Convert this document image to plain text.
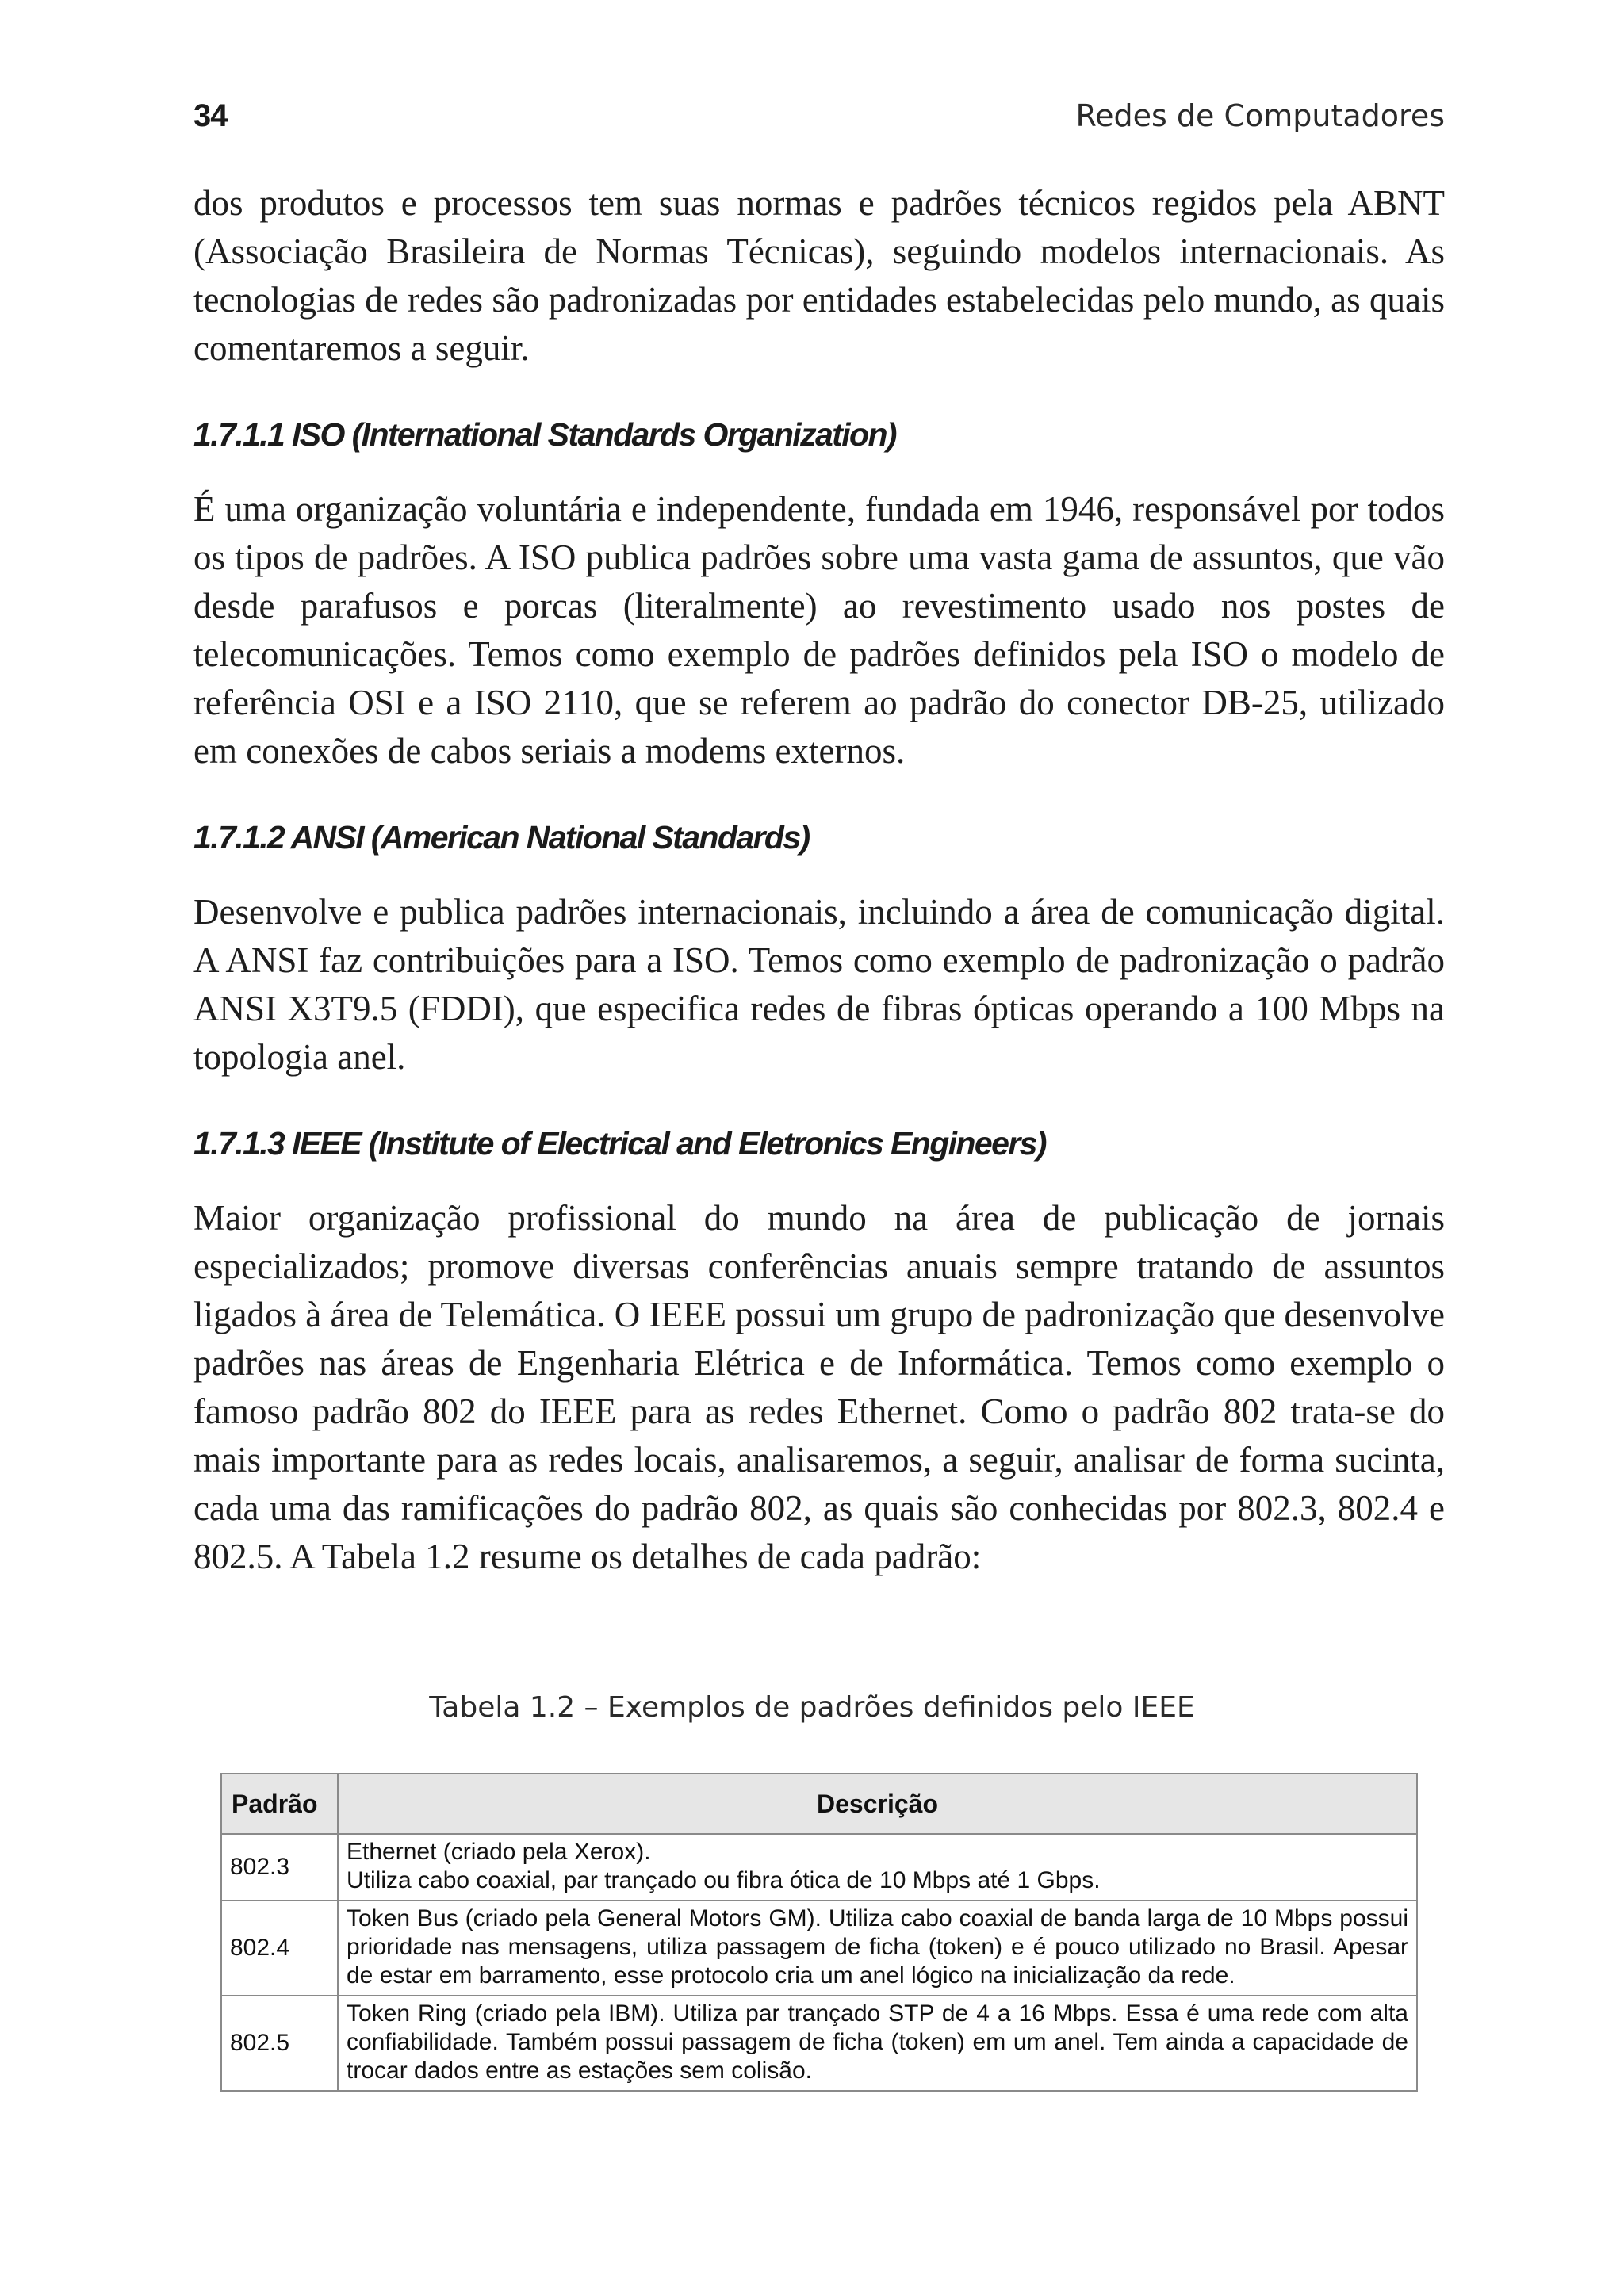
34	Redes de Computadores

dos produtos e processos tem suas normas e padrões técnicos regidos pela ABNT (Associação Brasileira de Normas Técnicas), seguindo modelos internacionais. As tecnologias de redes são padronizadas por entidades estabelecidas pelo mundo, as quais comentaremos a seguir.

1.7.1.1 ISO (International Standards Organization)

É uma organização voluntária e independente, fundada em 1946, responsável por todos os tipos de padrões. A ISO publica padrões sobre uma vasta gama de assuntos, que vão desde parafusos e porcas (literalmente) ao revestimento usado nos postes de telecomunicações. Temos como exemplo de padrões definidos pela ISO o modelo de referência OSI e a ISO 2110, que se referem ao padrão do conector DB-25, utilizado em conexões de cabos seriais a modems externos.

1.7.1.2 ANSI (American National Standards)

Desenvolve e publica padrões internacionais, incluindo a área de comunicação digital. A ANSI faz contribuições para a ISO. Temos como exemplo de padronização o padrão ANSI X3T9.5 (FDDI), que especifica redes de fibras ópticas operando a 100 Mbps na topologia anel.

1.7.1.3 IEEE (Institute of Electrical and Eletronics Engineers)

Maior organização profissional do mundo na área de publicação de jornais especializados; promove diversas conferências anuais sempre tratando de assuntos ligados à área de Telemática. O IEEE possui um grupo de padronização que desenvolve padrões nas áreas de Engenharia Elétrica e de Informática. Temos como exemplo o famoso padrão 802 do IEEE para as redes Ethernet. Como o padrão 802 trata-se do mais importante para as redes locais, analisaremos, a seguir, analisar de forma sucinta, cada uma das ramificações do padrão 802, as quais são conhecidas por 802.3, 802.4 e 802.5. A Tabela 1.2 resume os detalhes de cada padrão:

Tabela 1.2 – Exemplos de padrões definidos pelo IEEE
Padrão	Descrição
802.3	Ethernet (criado pela Xerox).
Utiliza cabo coaxial, par trançado ou fibra ótica de 10 Mbps até 1 Gbps.

802.4	Token Bus (criado pela General Motors GM). Utiliza cabo coaxial de banda larga de 10 Mbps possui prioridade nas mensagens, utiliza passagem de ficha (token) e é pouco utilizado no Brasil. Apesar de estar em barramento, esse protocolo cria um anel lógico na inicialização da rede.
802.5	Token Ring (criado pela IBM). Utiliza par trançado STP de 4 a 16 Mbps. Essa é uma rede com alta confiabilidade. Também possui passagem de ficha (token) em um anel. Tem ainda a capacidade de trocar dados entre as estações sem colisão.
